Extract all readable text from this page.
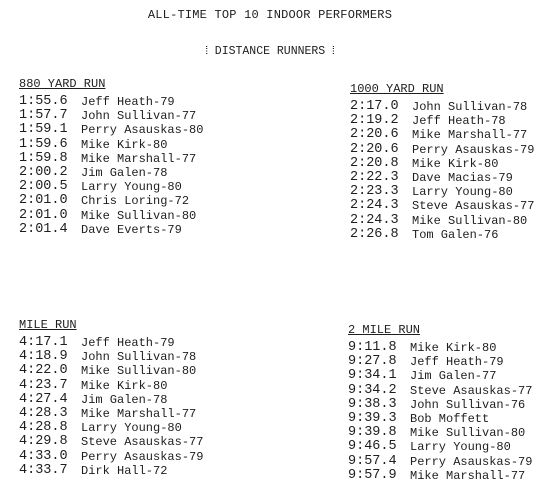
ALL-TIME TOP 10 INDOOR PERFORMERS
⦙ DISTANCE RUNNERS ⦙
880 YARD RUN
1:55.6	Jeff Heath-79
1:57.7	John Sullivan-77
1:59.1	Perry Asauskas-80
1:59.6	Mike Kirk-80
1:59.8	Mike Marshall-77
2:00.2	Jim Galen-78
2:00.5	Larry Young-80
2:01.0	Chris Loring-72
2:01.0	Mike Sullivan-80
2:01.4	Dave Everts-79
1000 YARD RUN
2:17.0	John Sullivan-78
2:19.2	Jeff Heath-78
2:20.6	Mike Marshall-77
2:20.6	Perry Asauskas-79
2:20.8	Mike Kirk-80
2:22.3	Dave Macias-79
2:23.3	Larry Young-80
2:24.3	Steve Asauskas-77
2:24.3	Mike Sullivan-80
2:26.8	Tom Galen-76
MILE RUN
4:17.1	Jeff Heath-79
4:18.9	John Sullivan-78
4:22.0	Mike Sullivan-80
4:23.7	Mike Kirk-80
4:27.4	Jim Galen-78
4:28.3	Mike Marshall-77
4:28.8	Larry Young-80
4:29.8	Steve Asauskas-77
4:33.0	Perry Asauskas-79
4:33.7	Dirk Hall-72
2 MILE RUN
9:11.8	Mike Kirk-80
9:27.8	Jeff Heath-79
9:34.1	Jim Galen-77
9:34.2	Steve Asauskas-77
9:38.3	John Sullivan-76
9:39.3	Bob Moffett
9:39.8	Mike Sullivan-80
9:46.5	Larry Young-80
9:57.4	Perry Asauskas-79
9:57.9	Mike Marshall-77
